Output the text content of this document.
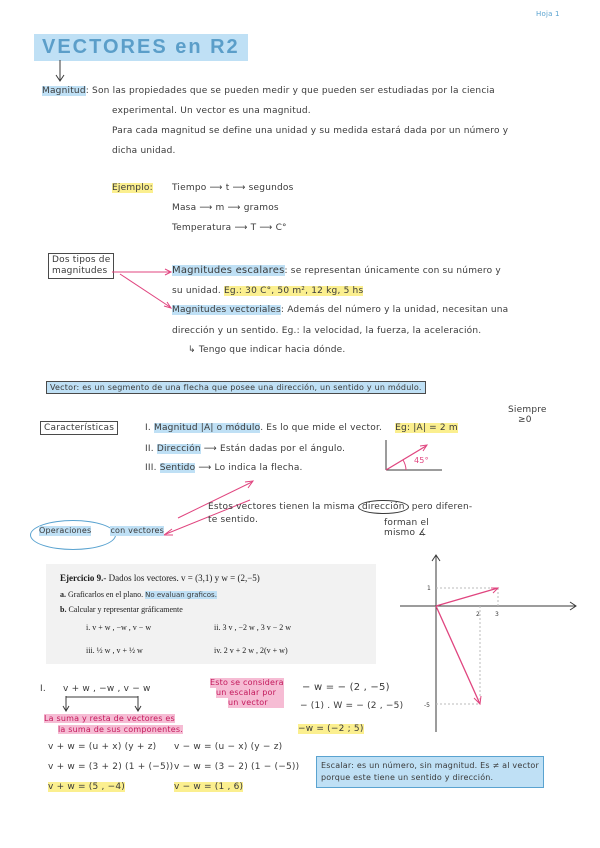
Hoja 1
VECTORES en R2
Magnitud: Son las propiedades que se pueden medir y que pueden ser estudiadas por la ciencia
experimental. Un vector es una magnitud.
Para cada magnitud se define una unidad y su medida estará dada por un número y
dicha unidad.
Ejemplo: Tiempo ⟶ t ⟶ segundos
Masa ⟶ m ⟶ gramos
Temperatura ⟶ T ⟶ C°
Dos tipos de
magnitudes	Magnitudes escalares: se representan únicamente con su número y
su unidad. Eg.: 30 C°, 50 m², 12 kg, 5 hs
Magnitudes vectoriales: Además del número y la unidad, necesitan una
dirección y un sentido. Eg.: la velocidad, la fuerza, la aceleración.
↳ Tengo que indicar hacia dónde.
Vector: es un segmento de una flecha que posee una dirección, un sentido y un módulo.
Características
Siempre
≥0
I. Magnitud |A| o módulo. Es lo que mide el vector. Eg: |A| = 2 m
II. Dirección ⟶ Están dadas por el ángulo.
III. Sentido ⟶ Lo indica la flecha.
45°
Estos vectores tienen la misma dirección pero diferen-
te sentido.	forman el
mismo ∡
Operaciones con vectores
Ejercicio 9.- Dados los vectores. v = (3,1) y w = (2,−5)
a. Graficarlos en el plano. No evaluan graficos.
b. Calcular y representar gráficamente
i. v + w , −w , v − w	ii. 3 v , −2 w , 3 v − 2 w
iii. ½ w , v + ½ w	iv. 2 v + 2 w , 2(v + w)
2	3
1
-5
I. v + w , −w , v − w
La suma y resta de vectores es
la suma de sus componentes.
Esto se considera
un escalar por
un vector
− w = − (2 , −5)
− (1) . W = − (2 , −5)
−w = (−2 ; 5)
v + w = (u + x) (y + z)
v + w = (3 + 2) (1 + (−5))
v + w = (5 , −4)
v − w = (u − x) (y − z)
v − w = (3 − 2) (1 − (−5))
v − w = (1 , 6)
Escalar: es un número, sin magnitud. Es ≠ al vector
porque este tiene un sentido y dirección.
